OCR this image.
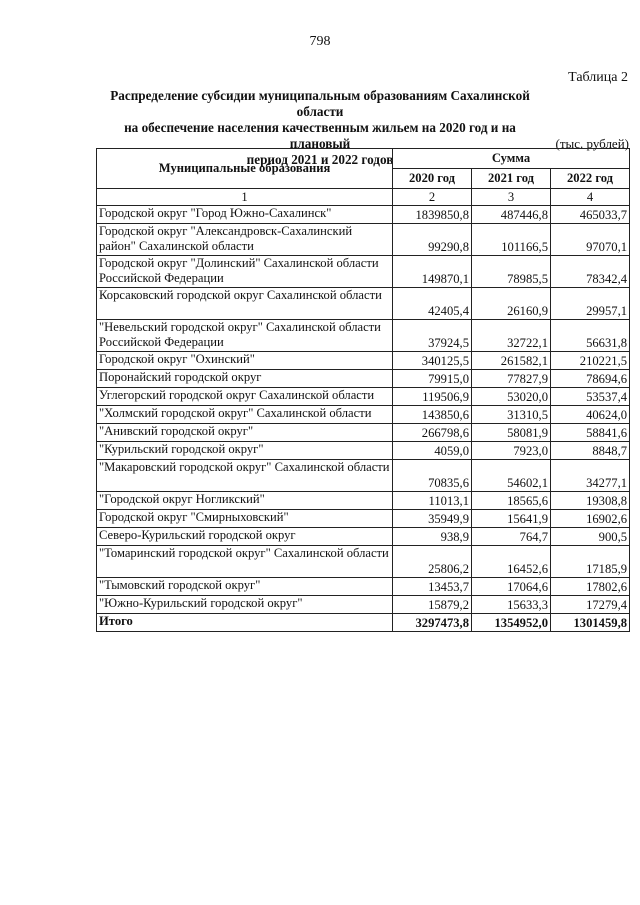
798
Таблица 2
Распределение субсидии муниципальным образованиям Сахалинской области
на обеспечение населения качественным жильем на 2020 год и на плановый
период 2021 и 2022 годов
(тыс. рублей)
Муниципальные образования	Сумма		
	2020 год	2021 год	2022 год
1	2	3	4
Городской округ "Город Южно-Сахалинск"	1839850,8	487446,8	465033,7
Городской округ "Александровск-Сахалинский район" Сахалинской области	99290,8	101166,5	97070,1
Городской округ "Долинский" Сахалинской области Российской Федерации	149870,1	78985,5	78342,4
Корсаковский городской округ Сахалинской области	42405,4	26160,9	29957,1
"Невельский городской округ" Сахалинской области Российской Федерации	37924,5	32722,1	56631,8
Городской округ "Охинский"	340125,5	261582,1	210221,5
Поронайский городской округ	79915,0	77827,9	78694,6
Углегорский городской округ Сахалинской области	119506,9	53020,0	53537,4
"Холмский городской округ" Сахалинской области	143850,6	31310,5	40624,0
"Анивский городской округ"	266798,6	58081,9	58841,6
"Курильский городской округ"	4059,0	7923,0	8848,7
"Макаровский городской округ" Сахалинской области	70835,6	54602,1	34277,1
"Городской округ Ногликский"	11013,1	18565,6	19308,8
Городской округ "Смирныховский"	35949,9	15641,9	16902,6
Северо-Курильский городской округ	938,9	764,7	900,5
"Томаринский городской округ" Сахалинской области	25806,2	16452,6	17185,9
"Тымовский городской округ"	13453,7	17064,6	17802,6
"Южно-Курильский городской округ"	15879,2	15633,3	17279,4
Итого	3297473,8	1354952,0	1301459,8
